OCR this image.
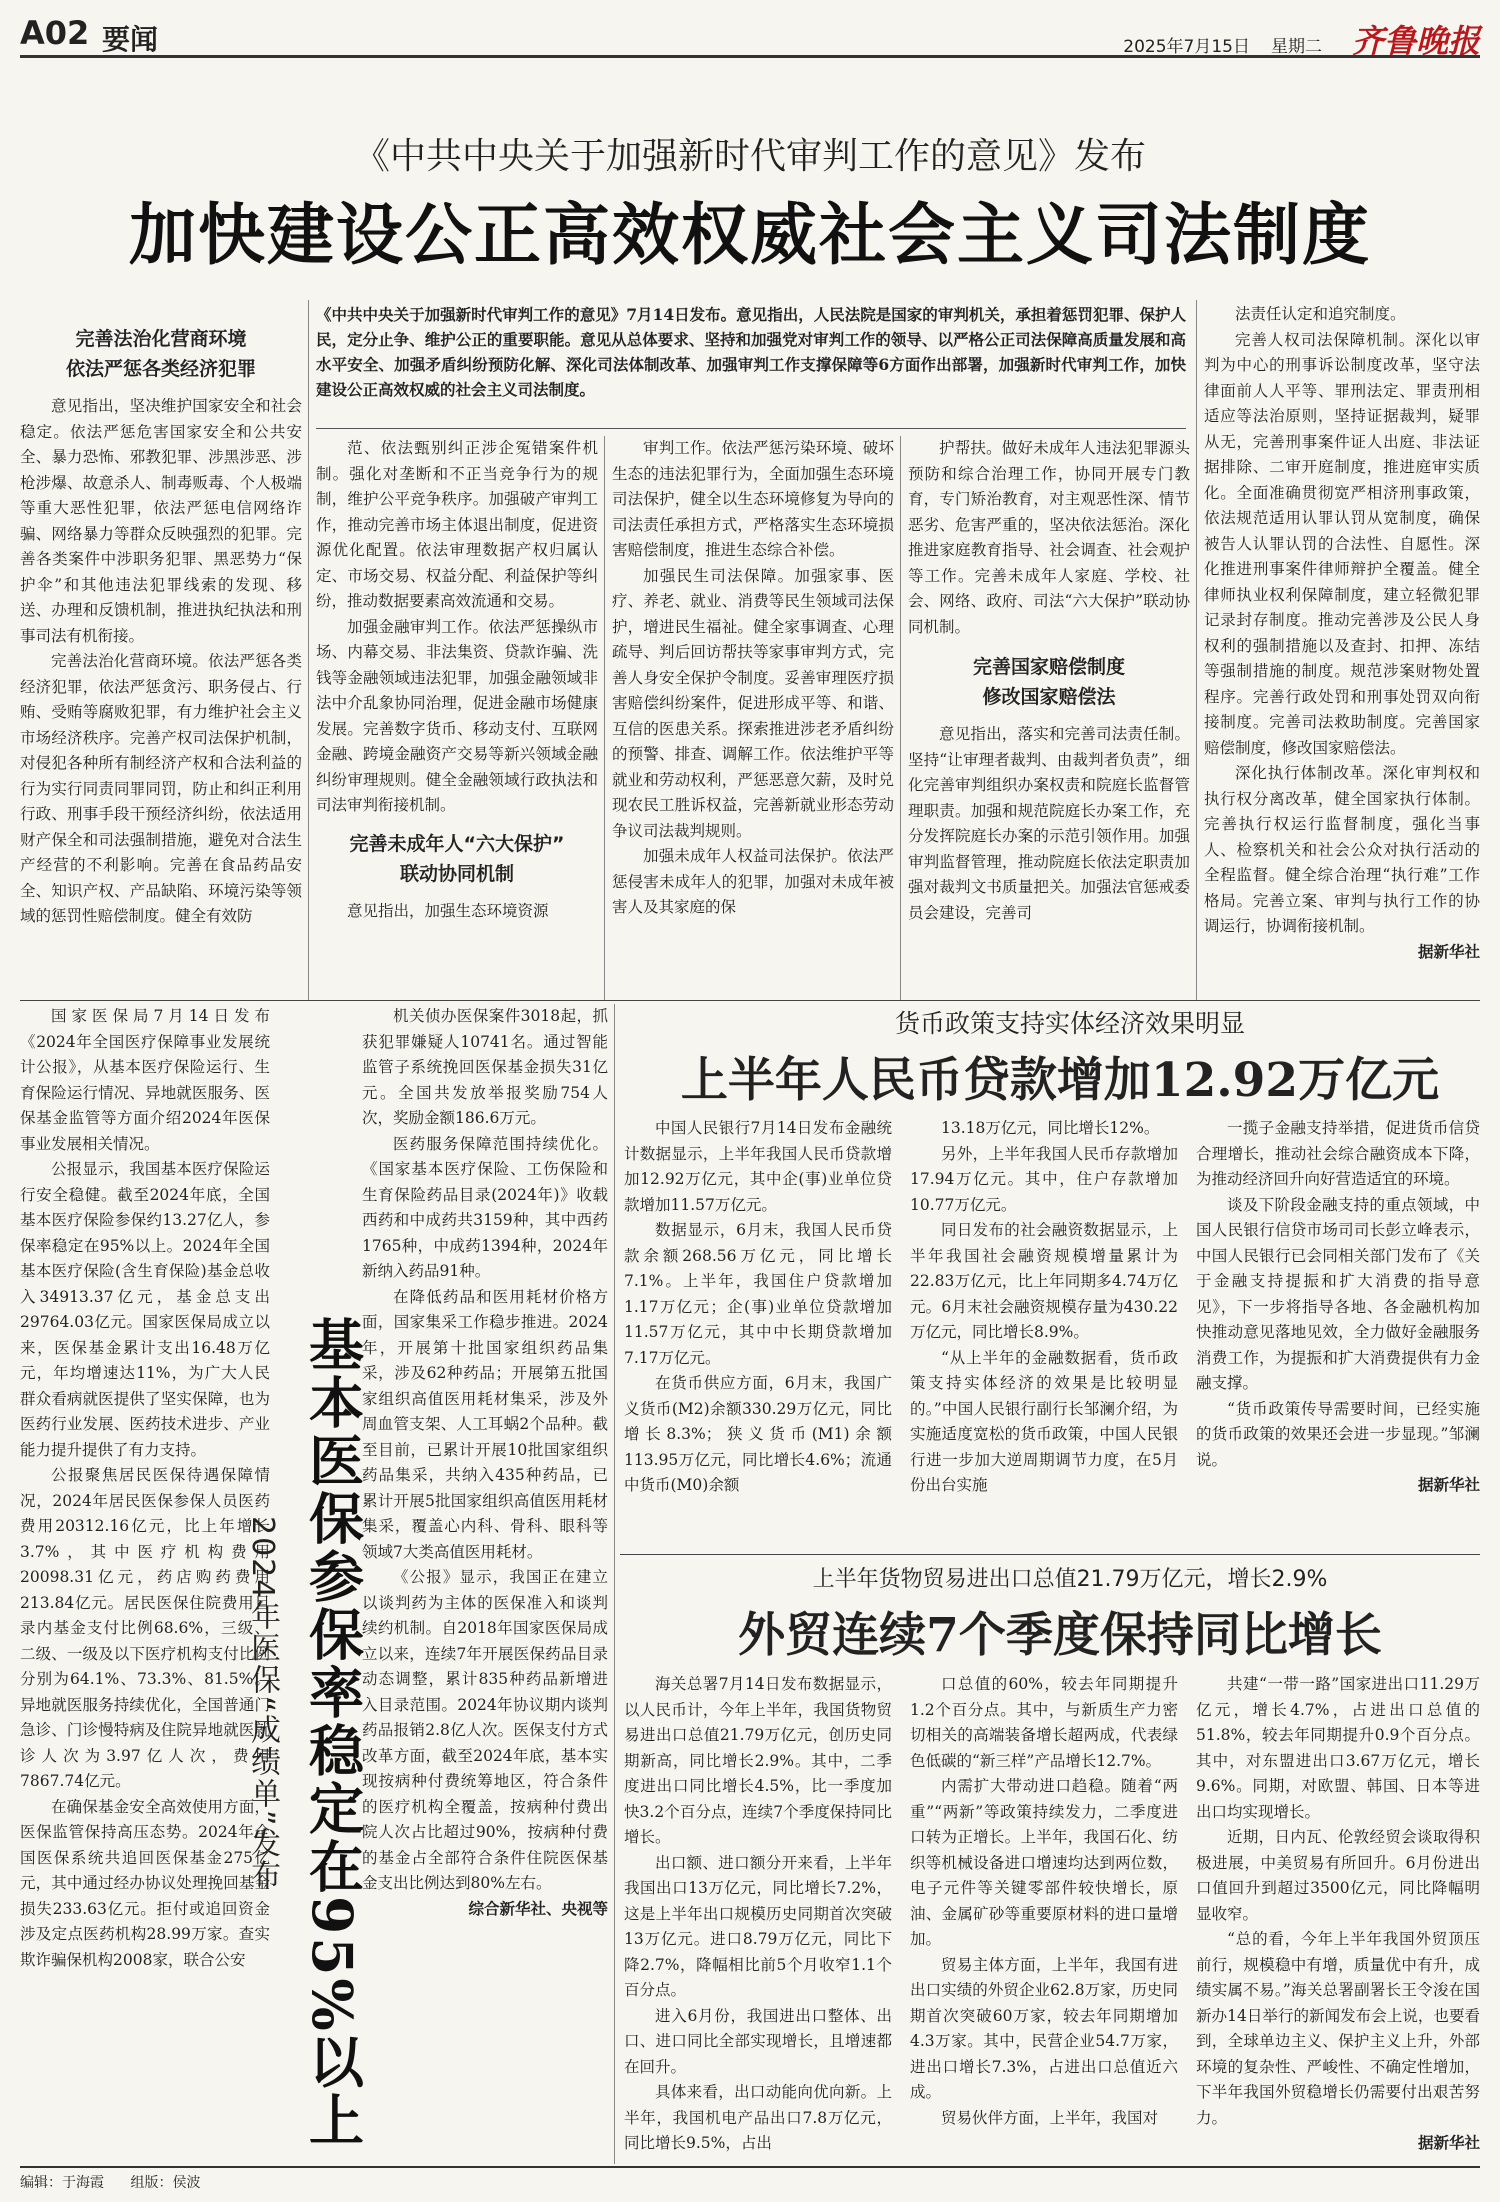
A02 要闻	2025年7月15日 星期二 齐鲁晚报
《中共中央关于加强新时代审判工作的意见》发布
加快建设公正高效权威社会主义司法制度
《中共中央关于加强新时代审判工作的意见》7月14日发布。意见指出，人民法院是国家的审判机关，承担着惩罚犯罪、保护人民，定分止争、维护公正的重要职能。意见从总体要求、坚持和加强党对审判工作的领导、以严格公正司法保障高质量发展和高水平安全、加强矛盾纠纷预防化解、深化司法体制改革、加强审判工作支撑保障等6方面作出部署，加强新时代审判工作，加快建设公正高效权威的社会主义司法制度。
完善法治化营商环境
依法严惩各类经济犯罪

意见指出，坚决维护国家安全和社会稳定。依法严惩危害国家安全和公共安全、暴力恐怖、邪教犯罪、涉黑涉恶、涉枪涉爆、故意杀人、制毒贩毒、个人极端等重大恶性犯罪，依法严惩电信网络诈骗、网络暴力等群众反映强烈的犯罪。完善各类案件中涉职务犯罪、黑恶势力“保护伞”和其他违法犯罪线索的发现、移送、办理和反馈机制，推进执纪执法和刑事司法有机衔接。

完善法治化营商环境。依法严惩各类经济犯罪，依法严惩贪污、职务侵占、行贿、受贿等腐败犯罪，有力维护社会主义市场经济秩序。完善产权司法保护机制，对侵犯各种所有制经济产权和合法利益的行为实行同责同罪同罚，防止和纠正利用行政、刑事手段干预经济纠纷，依法适用财产保全和司法强制措施，避免对合法生产经营的不利影响。完善在食品药品安全、知识产权、产品缺陷、环境污染等领域的惩罚性赔偿制度。健全有效防

范、依法甄别纠正涉企冤错案件机制。强化对垄断和不正当竞争行为的规制，维护公平竞争秩序。加强破产审判工作，推动完善市场主体退出制度，促进资源优化配置。依法审理数据产权归属认定、市场交易、权益分配、利益保护等纠纷，推动数据要素高效流通和交易。

加强金融审判工作。依法严惩操纵市场、内幕交易、非法集资、贷款诈骗、洗钱等金融领域违法犯罪，加强金融领域非法中介乱象协同治理，促进金融市场健康发展。完善数字货币、移动支付、互联网金融、跨境金融资产交易等新兴领域金融纠纷审理规则。健全金融领域行政执法和司法审判衔接机制。

完善未成年人“六大保护”
联动协同机制

意见指出，加强生态环境资源

审判工作。依法严惩污染环境、破坏生态的违法犯罪行为，全面加强生态环境司法保护，健全以生态环境修复为导向的司法责任承担方式，严格落实生态环境损害赔偿制度，推进生态综合补偿。

加强民生司法保障。加强家事、医疗、养老、就业、消费等民生领域司法保护，增进民生福祉。健全家事调查、心理疏导、判后回访帮扶等家事审判方式，完善人身安全保护令制度。妥善审理医疗损害赔偿纠纷案件，促进形成平等、和谐、互信的医患关系。探索推进涉老矛盾纠纷的预警、排查、调解工作。依法维护平等就业和劳动权利，严惩恶意欠薪，及时兑现农民工胜诉权益，完善新就业形态劳动争议司法裁判规则。

加强未成年人权益司法保护。依法严惩侵害未成年人的犯罪，加强对未成年被害人及其家庭的保

护帮扶。做好未成年人违法犯罪源头预防和综合治理工作，协同开展专门教育，专门矫治教育，对主观恶性深、情节恶劣、危害严重的，坚决依法惩治。深化推进家庭教育指导、社会调查、社会观护等工作。完善未成年人家庭、学校、社会、网络、政府、司法“六大保护”联动协同机制。

完善国家赔偿制度
修改国家赔偿法

意见指出，落实和完善司法责任制。坚持“让审理者裁判、由裁判者负责”，细化完善审判组织办案权责和院庭长监督管理职责。加强和规范院庭长办案工作，充分发挥院庭长办案的示范引领作用。加强审判监督管理，推动院庭长依法定职责加强对裁判文书质量把关。加强法官惩戒委员会建设，完善司

法责任认定和追究制度。

完善人权司法保障机制。深化以审判为中心的刑事诉讼制度改革，坚守法律面前人人平等、罪刑法定、罪责刑相适应等法治原则，坚持证据裁判，疑罪从无，完善刑事案件证人出庭、非法证据排除、二审开庭制度，推进庭审实质化。全面准确贯彻宽严相济刑事政策，依法规范适用认罪认罚从宽制度，确保被告人认罪认罚的合法性、自愿性。深化推进刑事案件律师辩护全覆盖。健全律师执业权利保障制度，建立轻微犯罪记录封存制度。推动完善涉及公民人身权利的强制措施以及查封、扣押、冻结等强制措施的制度。规范涉案财物处置程序。完善行政处罚和刑事处罚双向衔接制度。完善司法救助制度。完善国家赔偿制度，修改国家赔偿法。

深化执行体制改革。深化审判权和执行权分离改革，健全国家执行体制。完善执行权运行监督制度，强化当事人、检察机关和社会公众对执行活动的全程监督。健全综合治理“执行难”工作格局。完善立案、审判与执行工作的协调运行，协调衔接机制。

据新华社

国家医保局7月14日发布《2024年全国医疗保障事业发展统计公报》，从基本医疗保险运行、生育保险运行情况、异地就医服务、医保基金监管等方面介绍2024年医保事业发展相关情况。

公报显示，我国基本医疗保险运行安全稳健。截至2024年底，全国基本医疗保险参保约13.27亿人，参保率稳定在95%以上。2024年全国基本医疗保险(含生育保险)基金总收入34913.37亿元，基金总支出29764.03亿元。国家医保局成立以来，医保基金累计支出16.48万亿元，年均增速达11%，为广大人民群众看病就医提供了坚实保障，也为医药行业发展、医药技术进步、产业能力提升提供了有力支持。

公报聚焦居民医保待遇保障情况，2024年居民医保参保人员医药费用20312.16亿元，比上年增长3.7%，其中医疗机构费用20098.31亿元，药店购药费用213.84亿元。居民医保住院费用目录内基金支付比例68.6%，三级、二级、一级及以下医疗机构支付比例分别为64.1%、73.3%、81.5%。异地就医服务持续优化，全国普通门急诊、门诊慢特病及住院异地就医就诊人次为3.97亿人次，费用7867.74亿元。

在确保基金安全高效使用方面，医保监管保持高压态势。2024年全国医保系统共追回医保基金275亿元，其中通过经办协议处理挽回基金损失233.63亿元。拒付或追回资金涉及定点医药机构28.99万家。查实欺诈骗保机构2008家，联合公安 基本医保参保率稳定在95%以上
2024年医保“成绩单”发布

机关侦办医保案件3018起，抓获犯罪嫌疑人10741名。通过智能监管子系统挽回医保基金损失31亿元。全国共发放举报奖励754人次，奖励金额186.6万元。

医药服务保障范围持续优化。《国家基本医疗保险、工伤保险和生育保险药品目录(2024年)》收载西药和中成药共3159种，其中西药1765种，中成药1394种，2024年新纳入药品91种。

在降低药品和医用耗材价格方面，国家集采工作稳步推进。2024年，开展第十批国家组织药品集采，涉及62种药品；开展第五批国家组织高值医用耗材集采，涉及外周血管支架、人工耳蜗2个品种。截至目前，已累计开展10批国家组织药品集采，共纳入435种药品，已累计开展5批国家组织高值医用耗材集采，覆盖心内科、骨科、眼科等领域7大类高值医用耗材。

《公报》显示，我国正在建立以谈判药为主体的医保准入和谈判续约机制。自2018年国家医保局成立以来，连续7年开展医保药品目录动态调整，累计835种药品新增进入目录范围。2024年协议期内谈判药品报销2.8亿人次。医保支付方式改革方面，截至2024年底，基本实现按病种付费统筹地区，符合条件的医疗机构全覆盖，按病种付费出院人次占比超过90%，按病种付费的基金占全部符合条件住院医保基金支出比例达到80%左右。

综合新华社、央视等

货币政策支持实体经济效果明显
上半年人民币贷款增加12.92万亿元

中国人民银行7月14日发布金融统计数据显示，上半年我国人民币贷款增加12.92万亿元，其中企(事)业单位贷款增加11.57万亿元。

数据显示，6月末，我国人民币贷款余额268.56万亿元，同比增长7.1%。上半年，我国住户贷款增加1.17万亿元；企(事)业单位贷款增加11.57万亿元，其中中长期贷款增加7.17万亿元。

在货币供应方面，6月末，我国广义货币(M2)余额330.29万亿元，同比增长8.3%；狭义货币(M1)余额113.95万亿元，同比增长4.6%；流通中货币(M0)余额

13.18万亿元，同比增长12%。

另外，上半年我国人民币存款增加17.94万亿元。其中，住户存款增加10.77万亿元。

同日发布的社会融资数据显示，上半年我国社会融资规模增量累计为22.83万亿元，比上年同期多4.74万亿元。6月末社会融资规模存量为430.22万亿元，同比增长8.9%。

“从上半年的金融数据看，货币政策支持实体经济的效果是比较明显的。”中国人民银行副行长邹澜介绍，为实施适度宽松的货币政策，中国人民银行进一步加大逆周期调节力度，在5月份出台实施

一揽子金融支持举措，促进货币信贷合理增长，推动社会综合融资成本下降，为推动经济回升向好营造适宜的环境。

谈及下阶段金融支持的重点领域，中国人民银行信贷市场司司长彭立峰表示，中国人民银行已会同相关部门发布了《关于金融支持提振和扩大消费的指导意见》，下一步将指导各地、各金融机构加快推动意见落地见效，全力做好金融服务消费工作，为提振和扩大消费提供有力金融支撑。

“货币政策传导需要时间，已经实施的货币政策的效果还会进一步显现。”邹澜说。

据新华社

上半年货物贸易进出口总值21.79万亿元，增长2.9%
外贸连续7个季度保持同比增长

海关总署7月14日发布数据显示，以人民币计，今年上半年，我国货物贸易进出口总值21.79万亿元，创历史同期新高，同比增长2.9%。其中，二季度进出口同比增长4.5%，比一季度加快3.2个百分点，连续7个季度保持同比增长。

出口额、进口额分开来看，上半年我国出口13万亿元，同比增长7.2%，这是上半年出口规模历史同期首次突破13万亿元。进口8.79万亿元，同比下降2.7%，降幅相比前5个月收窄1.1个百分点。

进入6月份，我国进出口整体、出口、进口同比全部实现增长，且增速都在回升。

具体来看，出口动能向优向新。上半年，我国机电产品出口7.8万亿元，同比增长9.5%，占出

口总值的60%，较去年同期提升1.2个百分点。其中，与新质生产力密切相关的高端装备增长超两成，代表绿色低碳的“新三样”产品增长12.7%。

内需扩大带动进口趋稳。随着“两重”“两新”等政策持续发力，二季度进口转为正增长。上半年，我国石化、纺织等机械设备进口增速均达到两位数，电子元件等关键零部件较快增长，原油、金属矿砂等重要原材料的进口量增加。

贸易主体方面，上半年，我国有进出口实绩的外贸企业62.8万家，历史同期首次突破60万家，较去年同期增加4.3万家。其中，民营企业54.7万家，进出口增长7.3%，占进出口总值近六成。

贸易伙伴方面，上半年，我国对

共建“一带一路”国家进出口11.29万亿元，增长4.7%，占进出口总值的51.8%，较去年同期提升0.9个百分点。其中，对东盟进出口3.67万亿元，增长9.6%。同期，对欧盟、韩国、日本等进出口均实现增长。

近期，日内瓦、伦敦经贸会谈取得积极进展，中美贸易有所回升。6月份进出口值回升到超过3500亿元，同比降幅明显收窄。

“总的看，今年上半年我国外贸顶压前行，规模稳中有增，质量优中有升，成绩实属不易。”海关总署副署长王令浚在国新办14日举行的新闻发布会上说，也要看到，全球单边主义、保护主义上升，外部环境的复杂性、严峻性、不确定性增加，下半年我国外贸稳增长仍需要付出艰苦努力。

据新华社

编辑：于海霞 组版：侯波
